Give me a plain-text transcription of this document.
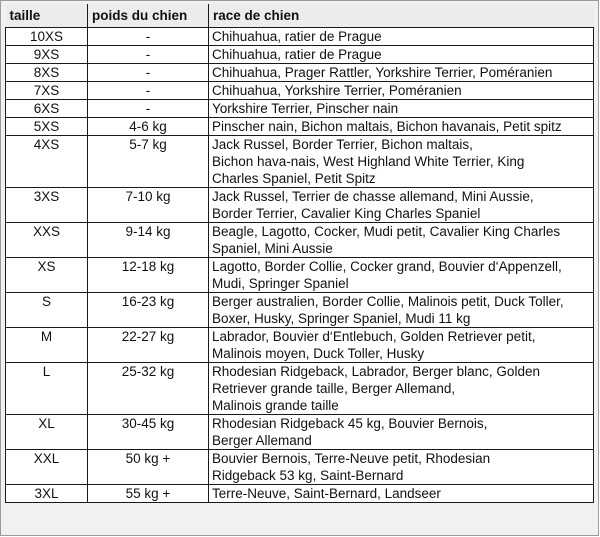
taille	poids du chien	race de chien
10XS	-	Chihuahua, ratier de Prague

9XS	-	Chihuahua, ratier de Prague

8XS	-	Chihuahua, Prager Rattler, Yorkshire Terrier, Poméranien

7XS	-	Chihuahua, Yorkshire Terrier, Poméranien

6XS	-	Yorkshire Terrier, Pinscher nain

5XS	4-6 kg	Pinscher nain, Bichon maltais, Bichon havanais, Petit spitz

4XS	5-7 kg	Jack Russel, Border Terrier, Bichon maltais,
Bichon hava-nais, West Highland White Terrier, King
Charles Spaniel, Petit Spitz

3XS	7-10 kg	Jack Russel, Terrier de chasse allemand, Mini Aussie,
Border Terrier, Cavalier King Charles Spaniel

XXS	9-14 kg	Beagle, Lagotto, Cocker, Mudi petit, Cavalier King Charles
Spaniel, Mini Aussie

XS	12-18 kg	Lagotto, Border Collie, Cocker grand, Bouvier d‘Appenzell,
Mudi, Springer Spaniel

S	16-23 kg	Berger australien, Border Collie, Malinois petit, Duck Toller,
Boxer, Husky, Springer Spaniel, Mudi 11 kg

M	22-27 kg	Labrador, Bouvier d‘Entlebuch, Golden Retriever petit,
Malinois moyen, Duck Toller, Husky

L	25-32 kg	Rhodesian Ridgeback, Labrador, Berger blanc, Golden
Retriever grande taille, Berger Allemand,
Malinois grande taille

XL	30-45 kg	Rhodesian Ridgeback 45 kg, Bouvier Bernois,
Berger Allemand

XXL	50 kg +	Bouvier Bernois, Terre-Neuve petit, Rhodesian
Ridgeback 53 kg, Saint-Bernard

3XL	55 kg +	Terre-Neuve, Saint-Bernard, Landseer
